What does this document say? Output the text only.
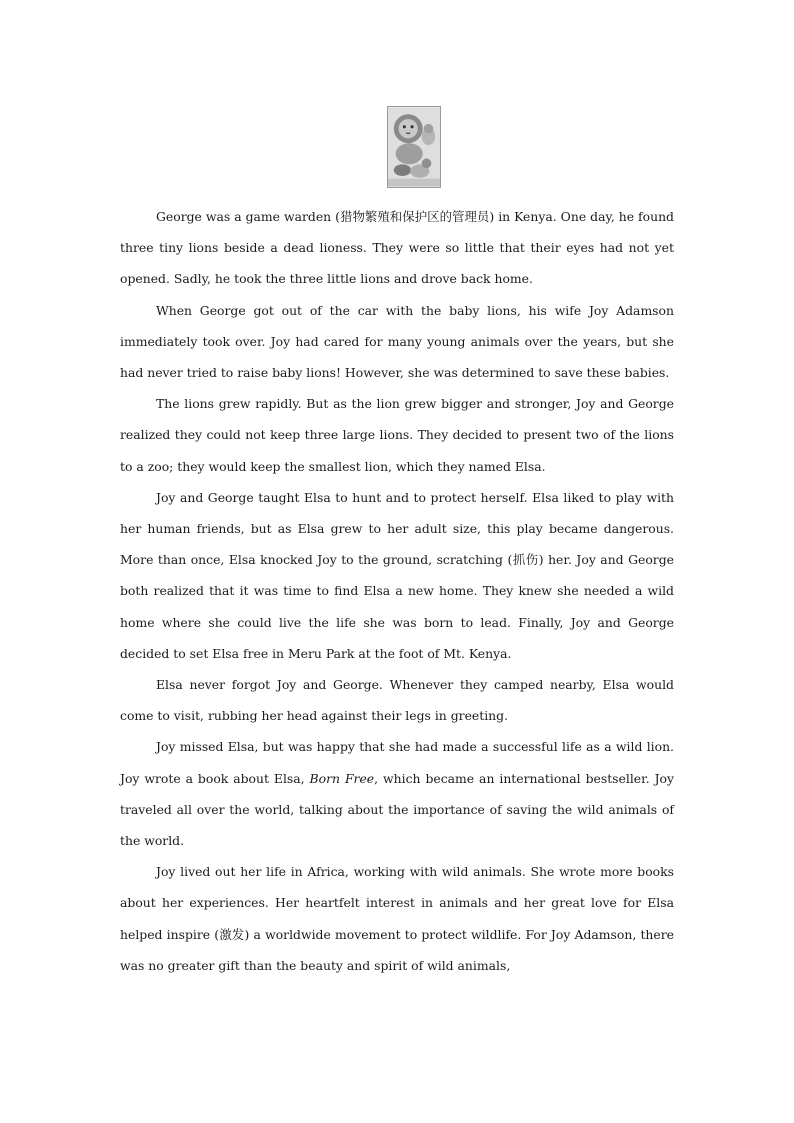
George was a game warden (猎物繁殖和保护区的管理员) in Kenya. One day, he found three tiny lions beside a dead lioness. They were so little that their eyes had not yet opened. Sadly, he took the three little lions and drove back home.

When George got out of the car with the baby lions, his wife Joy Adamson immediately took over. Joy had cared for many young animals over the years, but she had never tried to raise baby lions! However, she was determined to save these babies.

The lions grew rapidly. But as the lion grew bigger and stronger, Joy and George realized they could not keep three large lions. They decided to present two of the lions to a zoo; they would keep the smallest lion, which they named Elsa.

Joy and George taught Elsa to hunt and to protect herself. Elsa liked to play with her human friends, but as Elsa grew to her adult size, this play became dangerous. More than once, Elsa knocked Joy to the ground, scratching (抓伤) her. Joy and George both realized that it was time to find Elsa a new home. They knew she needed a wild home where she could live the life she was born to lead. Finally, Joy and George decided to set Elsa free in Meru Park at the foot of Mt. Kenya.

Elsa never forgot Joy and George. Whenever they camped nearby, Elsa would come to visit, rubbing her head against their legs in greeting.

Joy missed Elsa, but was happy that she had made a successful life as a wild lion. Joy wrote a book about Elsa, Born Free, which became an international bestseller. Joy traveled all over the world, talking about the importance of saving the wild animals of the world.

Joy lived out her life in Africa, working with wild animals. She wrote more books about her experiences. Her heartfelt interest in animals and her great love for Elsa helped inspire (激发) a worldwide movement to protect wildlife. For Joy Adamson, there was no greater gift than the beauty and spirit of wild animals,
